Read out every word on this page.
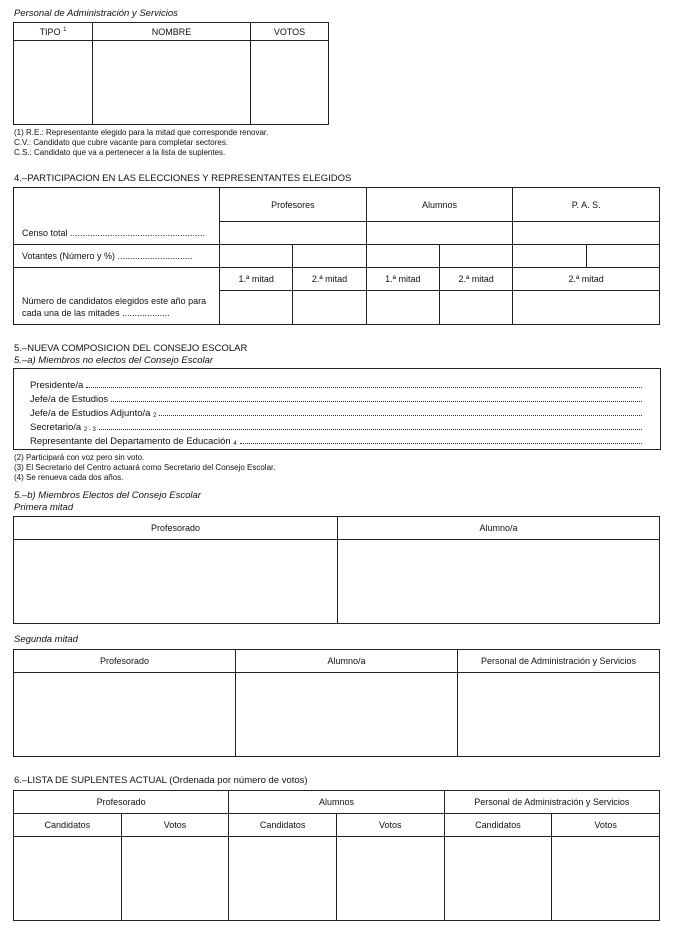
Personal de Administración y Servicios
TIPO $^1$	NOMBRE	VOTOS

(1) R.E.: Representante elegido para la mitad que corresponde renovar.
C.V.: Candidato que cubre vacante para completar sectores.
C.S.: Candidato que va a pertenecer a la lista de suplentes.
4.–PARTICIPACION EN LAS ELECCIONES Y REPRESENTANTES ELEGIDOS
	Profesores		Alumnos		P. A. S.	
Censo total ......................................................						
Votantes (Número y %) ..............................						
Número de candidatos elegidos este año para cada una de las mitades ...................	1.ª mitad	2.ª mitad	1.ª mitad	2.ª mitad	2.ª mitad	

5.–NUEVA COMPOSICION DEL CONSEJO ESCOLAR
5.–a) Miembros no electos del Consejo Escolar
Presidente/a
Jefe/a de Estudios
Jefe/a de Estudios Adjunto/a
$_2$
Secretario/a
$_{2 - 3}$
Representante del Departamento de Educación
$_4$
(2) Participará con voz pero sin voto.
(3) El Secretario del Centro actuará como Secretario del Consejo Escolar.
(4) Se renueva cada dos años.
5.–b) Miembros Electos del Consejo Escolar
Primera mitad
Profesorado	Alumno/a

Segunda mitad
Profesorado	Alumno/a	Personal de Administración y Servicios

6.–LISTA DE SUPLENTES ACTUAL (Ordenada por número de votos)
Profesorado		Alumnos		Personal de Administración y Servicios	
Candidatos	Votos	Candidatos	Votos	Candidatos	Votos
